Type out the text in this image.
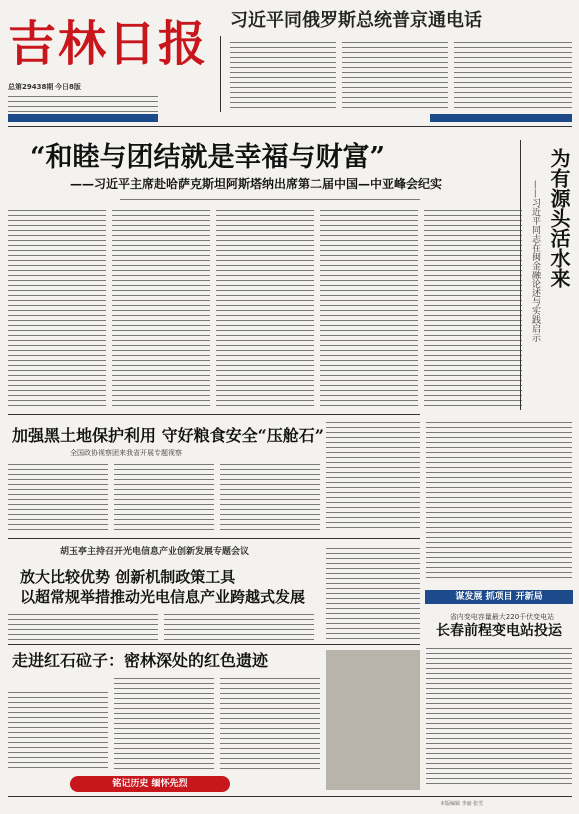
吉林日报
总第29438期 今日8版
习近平同俄罗斯总统普京通电话
“和睦与团结就是幸福与财富”
——习近平主席赴哈萨克斯坦阿斯塔纳出席第二届中国—中亚峰会纪实	为有源头活水来
——习近平同志在闽金融论述与实践启示
加强黑土地保护利用 守好粮食安全“压舱石”
全国政协视察团来我省开展专题视察
胡玉亭主持召开光电信息产业创新发展专题会议
放大比较优势 创新机制政策工具
以超常规举措推动光电信息产业跨越式发展
走进红石砬子：密林深处的红色遗迹
铭记历史 缅怀先烈
谋发展 抓项目 开新局
省内变电容量最大220千伏变电站
长春前程变电站投运
本版编辑 李丽 张雪
